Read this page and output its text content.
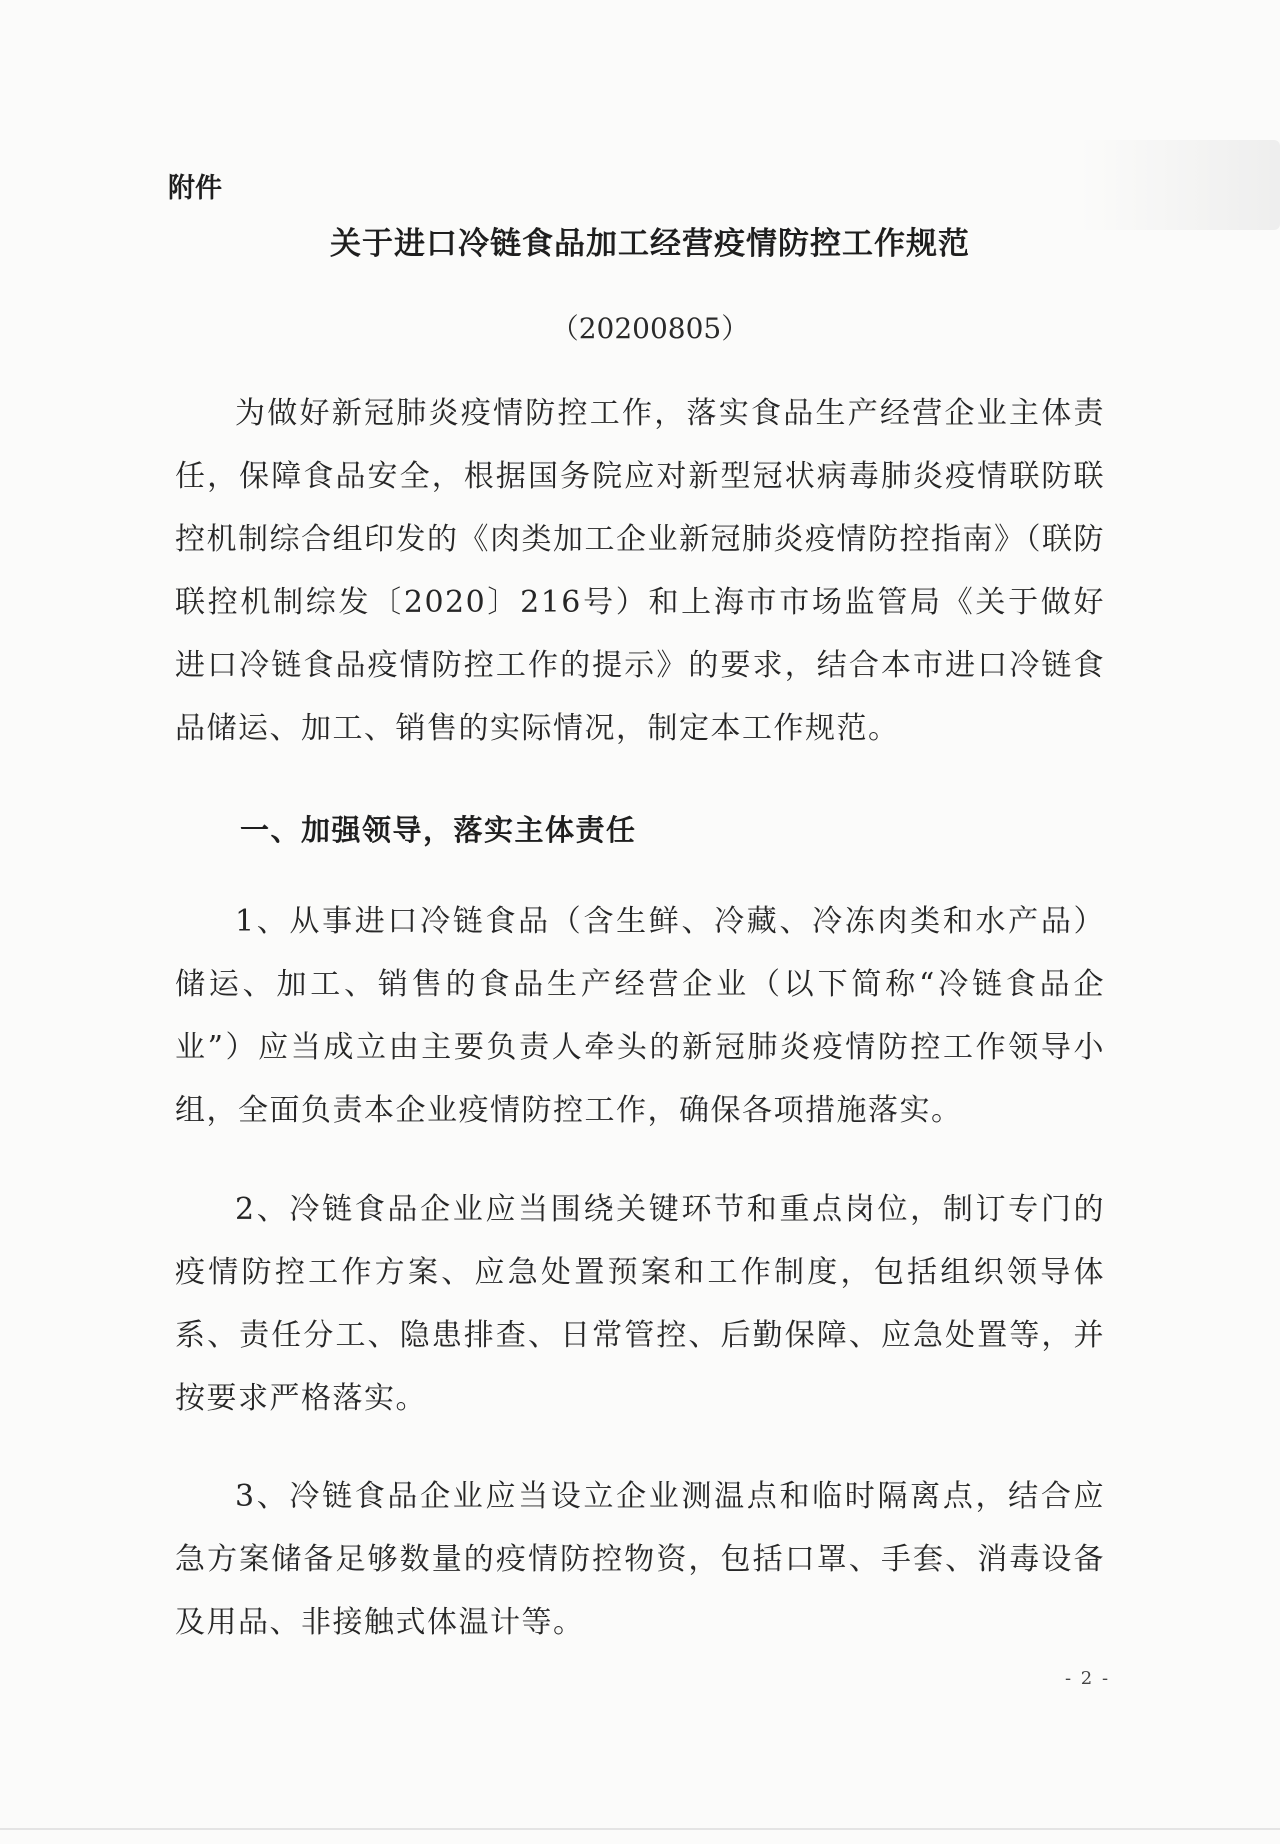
附件
关于进口冷链食品加工经营疫情防控工作规范
（20200805）

为做好新冠肺炎疫情防控工作，落实食品生产经营企业主体责任，保障食品安全，根据国务院应对新型冠状病毒肺炎疫情联防联控机制综合组印发的《肉类加工企业新冠肺炎疫情防控指南》（联防联控机制综发〔2020〕216号）和上海市市场监管局《关于做好进口冷链食品疫情防控工作的提示》的要求，结合本市进口冷链食品储运、加工、销售的实际情况，制定本工作规范。

一、加强领导，落实主体责任

1、从事进口冷链食品（含生鲜、冷藏、冷冻肉类和水产品）储运、加工、销售的食品生产经营企业（以下简称“冷链食品企业”）应当成立由主要负责人牵头的新冠肺炎疫情防控工作领导小组，全面负责本企业疫情防控工作，确保各项措施落实。

2、冷链食品企业应当围绕关键环节和重点岗位，制订专门的疫情防控工作方案、应急处置预案和工作制度，包括组织领导体系、责任分工、隐患排查、日常管控、后勤保障、应急处置等，并按要求严格落实。

3、冷链食品企业应当设立企业测温点和临时隔离点，结合应急方案储备足够数量的疫情防控物资，包括口罩、手套、消毒设备及用品、非接触式体温计等。

- 2 -
